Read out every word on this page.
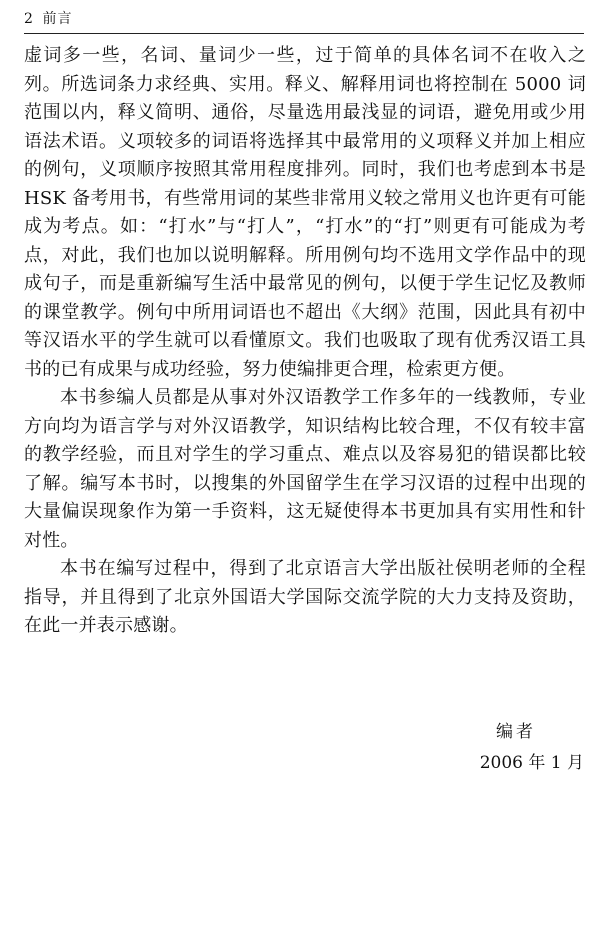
2 前言

虚词多一些，名词、量词少一些，过于简单的具体名词不在收入之列。所选词条力求经典、实用。释义、解释用词也将控制在 5000 词范围以内，释义简明、通俗，尽量选用最浅显的词语，避免用或少用语法术语。义项较多的词语将选择其中最常用的义项释义并加上相应的例句，义项顺序按照其常用程度排列。同时，我们也考虑到本书是 HSK 备考用书，有些常用词的某些非常用义较之常用义也许更有可能成为考点。如：“打水”与“打人”，“打水”的“打”则更有可能成为考点，对此，我们也加以说明解释。所用例句均不选用文学作品中的现成句子，而是重新编写生活中最常见的例句，以便于学生记忆及教师的课堂教学。例句中所用词语也不超出《大纲》范围，因此具有初中等汉语水平的学生就可以看懂原文。我们也吸取了现有优秀汉语工具书的已有成果与成功经验，努力使编排更合理，检索更方便。

本书参编人员都是从事对外汉语教学工作多年的一线教师，专业方向均为语言学与对外汉语教学，知识结构比较合理，不仅有较丰富的教学经验，而且对学生的学习重点、难点以及容易犯的错误都比较了解。编写本书时，以搜集的外国留学生在学习汉语的过程中出现的大量偏误现象作为第一手资料，这无疑使得本书更加具有实用性和针对性。

本书在编写过程中，得到了北京语言大学出版社侯明老师的全程指导，并且得到了北京外国语大学国际交流学院的大力支持及资助，在此一并表示感谢。

编者
2006 年 1 月
